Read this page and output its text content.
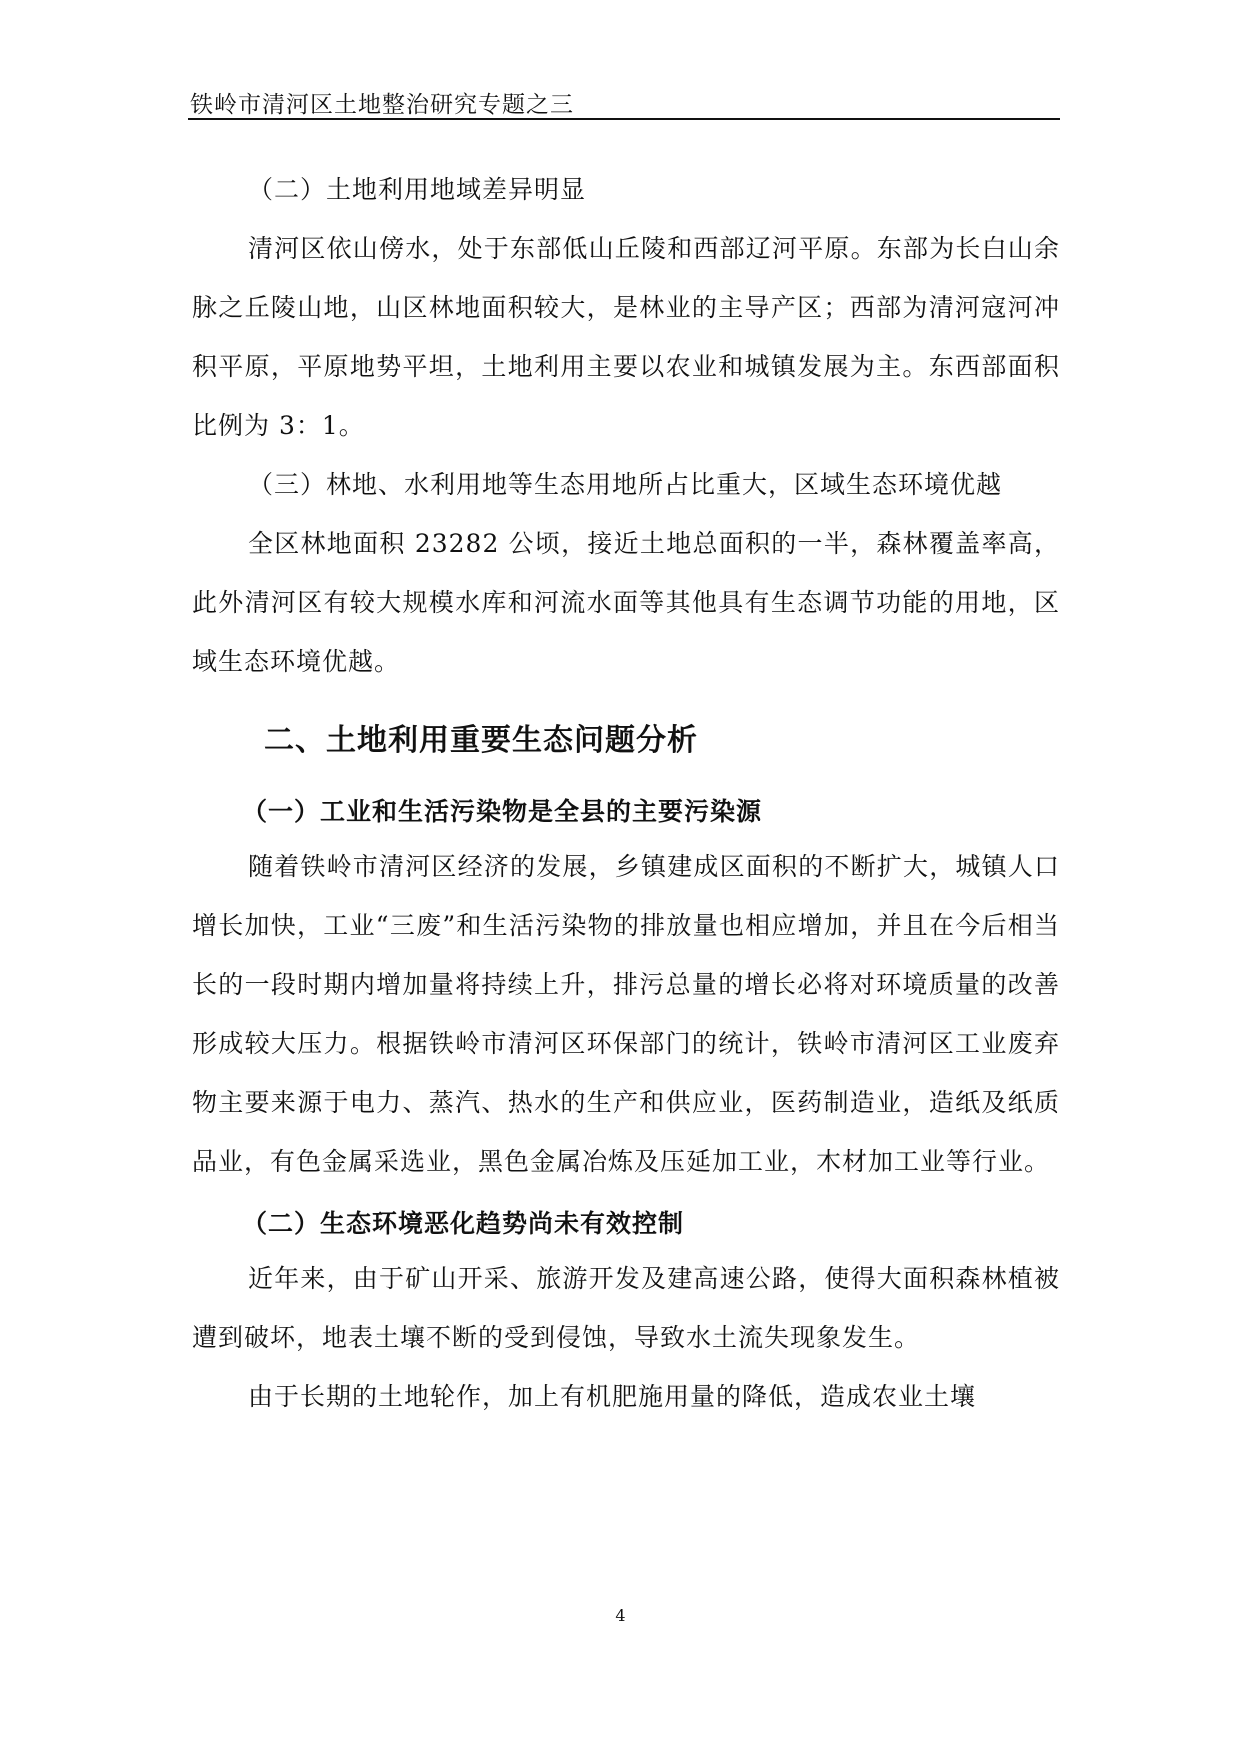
铁岭市清河区土地整治研究专题之三

（二）土地利用地域差异明显

清河区依山傍水，处于东部低山丘陵和西部辽河平原。东部为长白山余脉之丘陵山地，山区林地面积较大，是林业的主导产区；西部为清河寇河冲积平原，平原地势平坦，土地利用主要以农业和城镇发展为主。东西部面积比例为 3：1。

（三）林地、水利用地等生态用地所占比重大，区域生态环境优越

全区林地面积 23282 公顷，接近土地总面积的一半，森林覆盖率高，此外清河区有较大规模水库和河流水面等其他具有生态调节功能的用地，区域生态环境优越。

二、土地利用重要生态问题分析
（一）工业和生活污染物是全县的主要污染源

随着铁岭市清河区经济的发展，乡镇建成区面积的不断扩大，城镇人口增长加快，工业“三废”和生活污染物的排放量也相应增加，并且在今后相当长的一段时期内增加量将持续上升，排污总量的增长必将对环境质量的改善形成较大压力。根据铁岭市清河区环保部门的统计，铁岭市清河区工业废弃物主要来源于电力、蒸汽、热水的生产和供应业，医药制造业，造纸及纸质品业，有色金属采选业，黑色金属冶炼及压延加工业，木材加工业等行业。

（二）生态环境恶化趋势尚未有效控制

近年来，由于矿山开采、旅游开发及建高速公路，使得大面积森林植被遭到破坏，地表土壤不断的受到侵蚀，导致水土流失现象发生。

由于长期的土地轮作，加上有机肥施用量的降低，造成农业土壤

4
